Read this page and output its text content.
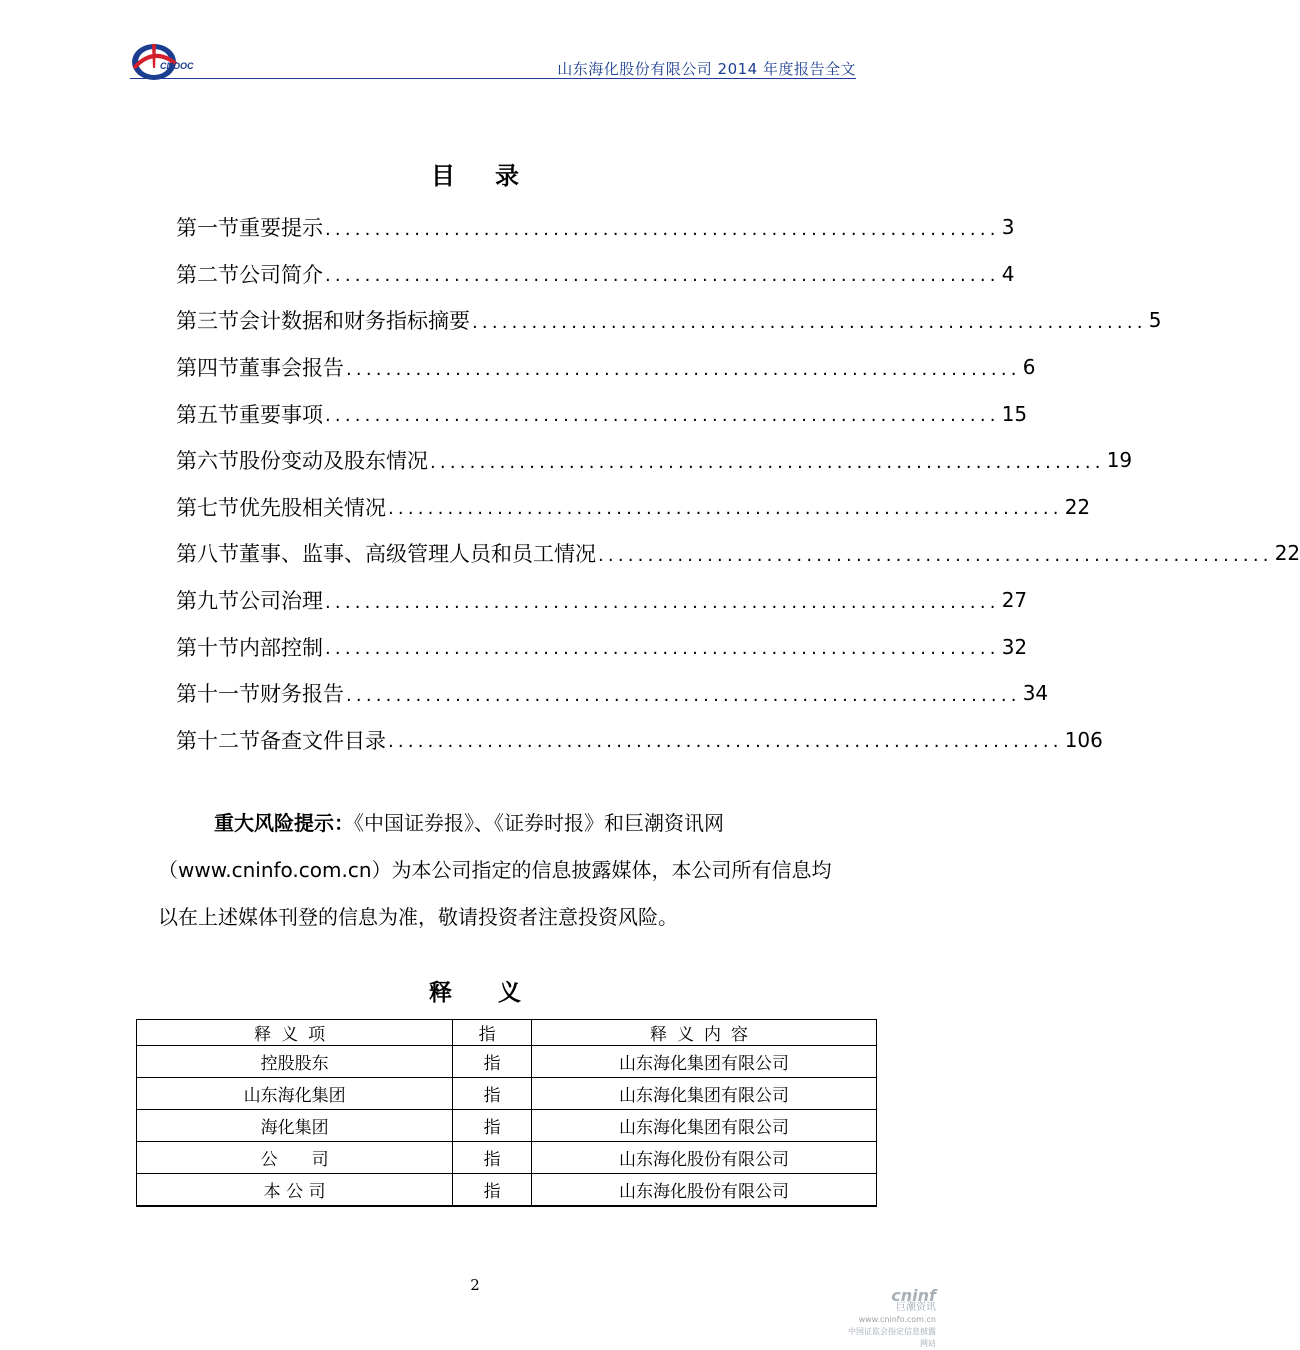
CNOOC	山东海化股份有限公司 2014 年度报告全文
目 录
第一节 重要提示 .................................................................... 3
第二节 公司简介 .................................................................... 4
第三节 会计数据和财务指标摘要 .................................................................... 5
第四节 董事会报告 .................................................................... 6
第五节 重要事项 .................................................................... 15
第六节 股份变动及股东情况 .................................................................... 19
第七节 优先股相关情况 .................................................................... 22
第八节 董事、监事、高级管理人员和员工情况 .................................................................... 22
第九节 公司治理 .................................................................... 27
第十节 内部控制 .................................................................... 32
第十一节 财务报告 .................................................................... 34
第十二节 备查文件目录 .................................................................... 106
重大风险提示：《中国证券报》、《证券时报》和巨潮资讯网
（www.cninfo.com.cn）为本公司指定的信息披露媒体，本公司所有信息均
以在上述媒体刊登的信息为准，敬请投资者注意投资风险。
释　　义
释义项	指	释义内容
控股股东	指	山东海化集团有限公司
山东海化集团	指	山东海化集团有限公司
海化集团	指	山东海化集团有限公司
公　　司	指	山东海化股份有限公司
本 公 司	指	山东海化股份有限公司
2
cninf
巨潮资讯
www.cninfo.com.cn
中国证监会指定信息披露网站
